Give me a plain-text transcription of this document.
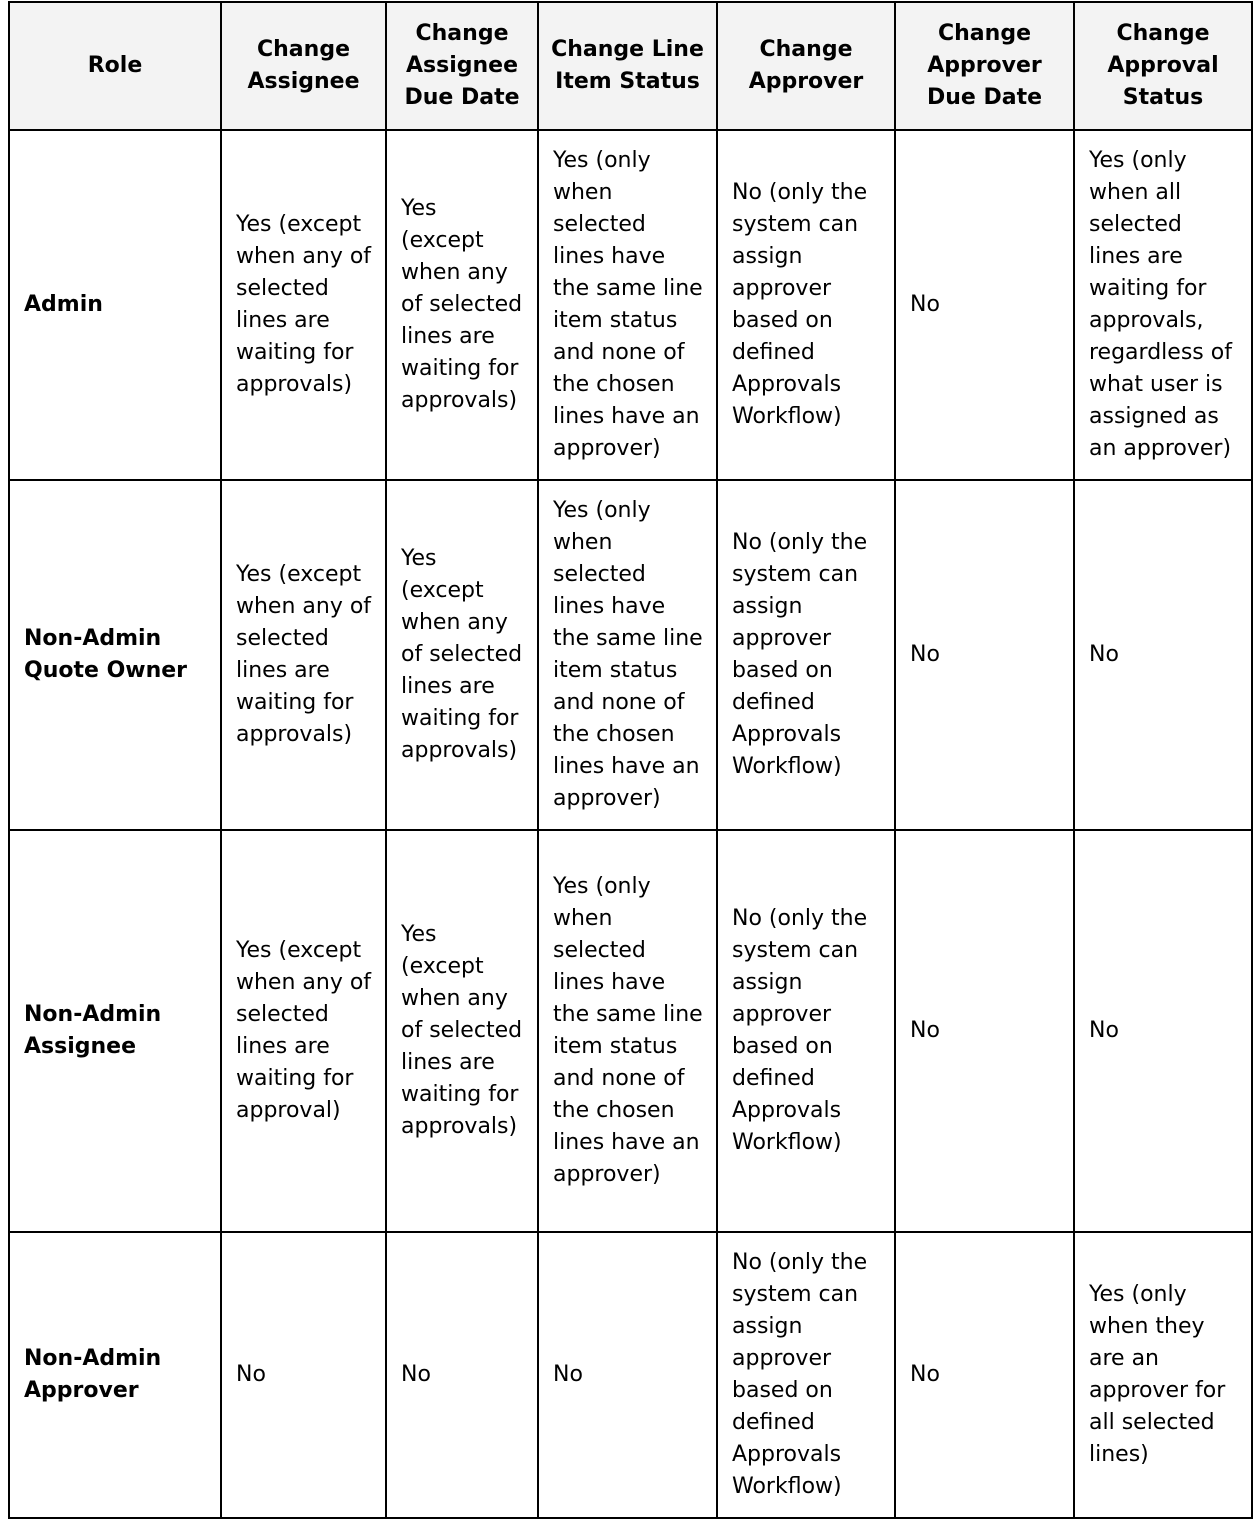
Role	Change Assignee	Change Assignee Due Date	Change Line Item Status	Change Approver	Change Approver Due Date	Change Approval Status
Admin	Yes (except when any of selected lines are waiting for approvals)	Yes (except when any of selected lines are waiting for approvals)	Yes (only when selected lines have the same line item status and none of the chosen lines have an approver)	No (only the system can assign approver based on defined Approvals Workflow)	No	Yes (only when all selected lines are waiting for approvals, regardless of what user is assigned as an approver)
Non-Admin Quote Owner	Yes (except when any of selected lines are waiting for approvals)	Yes (except when any of selected lines are waiting for approvals)	Yes (only when selected lines have the same line item status and none of the chosen lines have an approver)	No (only the system can assign approver based on defined Approvals Workflow)	No	No
Non-Admin Assignee	Yes (except when any of selected lines are waiting for approval)	Yes (except when any of selected lines are waiting for approvals)	Yes (only when selected lines have the same line item status and none of the chosen lines have an approver)	No (only the system can assign approver based on defined Approvals Workflow)	No	No
Non-Admin Approver	No	No	No	No (only the system can assign approver based on defined Approvals Workflow)	No	Yes (only when they are an approver for all selected lines)
